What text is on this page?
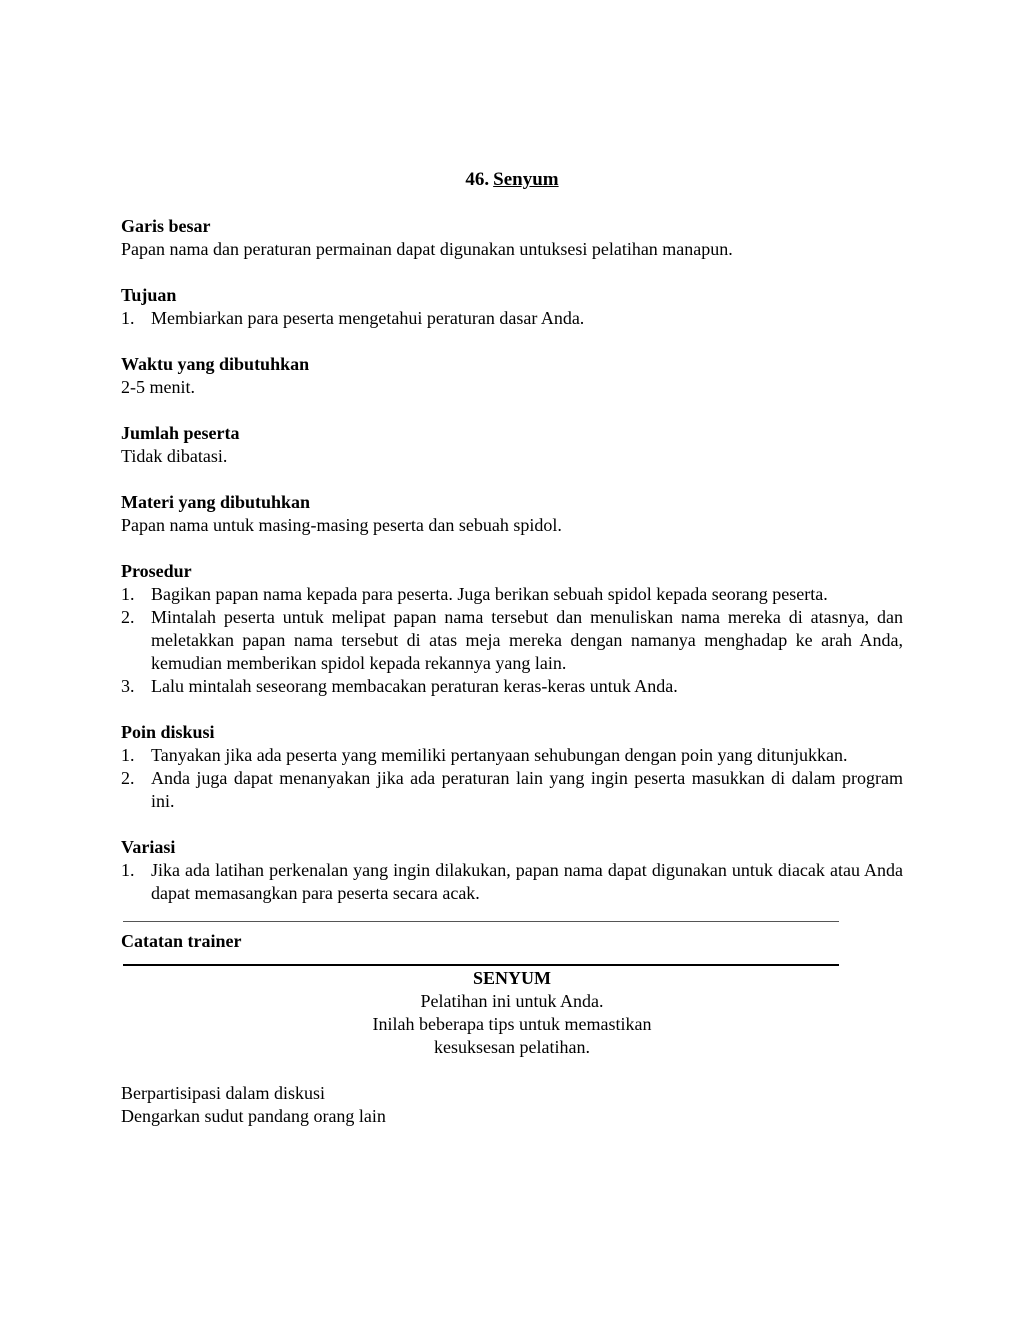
46. Senyum
Garis besar

Papan nama dan peraturan permainan dapat digunakan untuksesi pelatihan manapun.

Tujuan
1. Membiarkan para peserta mengetahui peraturan dasar Anda.
Waktu yang dibutuhkan

2-5 menit.

Jumlah peserta

Tidak dibatasi.

Materi yang dibutuhkan

Papan nama untuk masing-masing peserta dan sebuah spidol.

Prosedur
1. Bagikan papan nama kepada para peserta. Juga berikan sebuah spidol kepada seorang peserta.
2. Mintalah peserta untuk melipat papan nama tersebut dan menuliskan nama mereka di atasnya, dan meletakkan papan nama tersebut di atas meja mereka dengan namanya menghadap ke arah Anda, kemudian memberikan spidol kepada rekannya yang lain.
3. Lalu mintalah seseorang membacakan peraturan keras-keras untuk Anda.
Poin diskusi
1. Tanyakan jika ada peserta yang memiliki pertanyaan sehubungan dengan poin yang ditunjukkan.
2. Anda juga dapat menanyakan jika ada peraturan lain yang ingin peserta masukkan di dalam program ini.
Variasi
1. Jika ada latihan perkenalan yang ingin dilakukan, papan nama dapat digunakan untuk diacak atau Anda dapat memasangkan para peserta secara acak.
Catatan trainer
SENYUM
Pelatihan ini untuk Anda.
Inilah beberapa tips untuk memastikan
kesuksesan pelatihan.
Berpartisipasi dalam diskusi
Dengarkan sudut pandang orang lain
